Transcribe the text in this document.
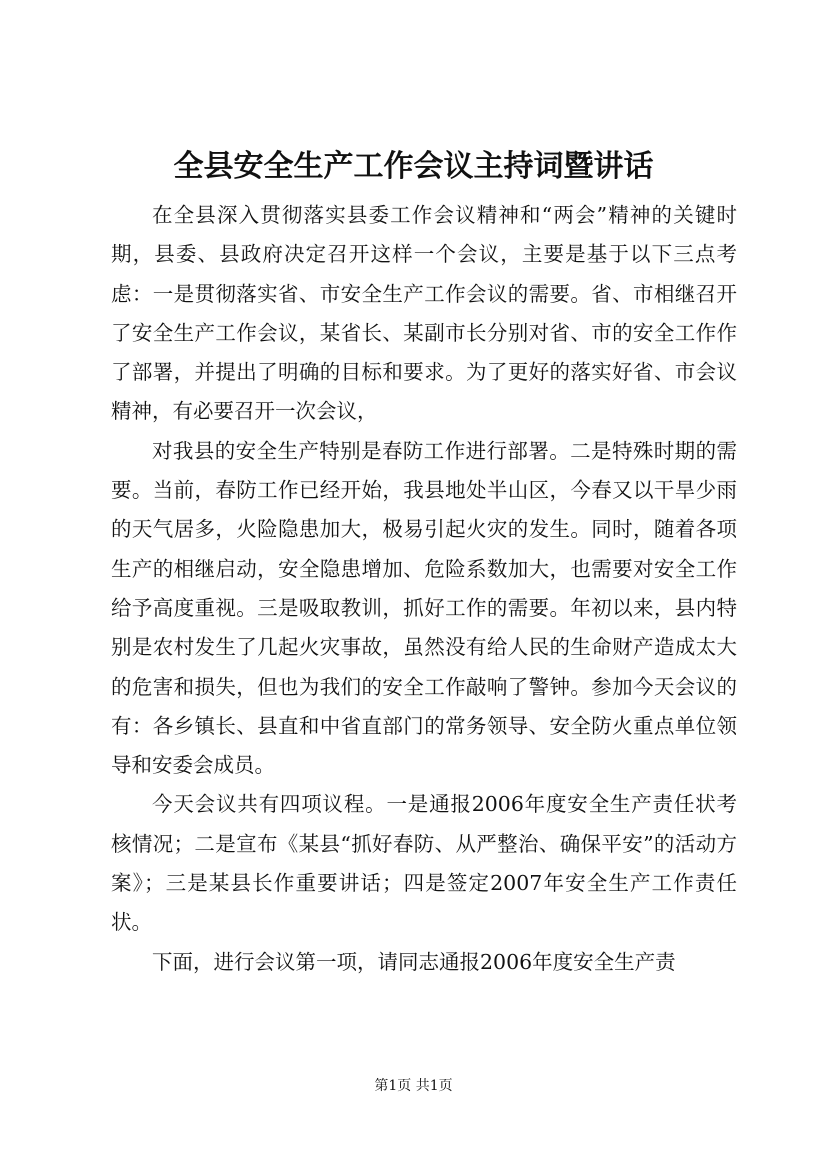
全县安全生产工作会议主持词暨讲话

在全县深入贯彻落实县委工作会议精神和“两会”精神的关键时期，县委、县政府决定召开这样一个会议，主要是基于以下三点考虑：一是贯彻落实省、市安全生产工作会议的需要。省、市相继召开了安全生产工作会议，某省长、某副市长分别对省、市的安全工作作了部署，并提出了明确的目标和要求。为了更好的落实好省、市会议精神，有必要召开一次会议，

对我县的安全生产特别是春防工作进行部署。二是特殊时期的需要。当前，春防工作已经开始，我县地处半山区，今春又以干旱少雨的天气居多，火险隐患加大，极易引起火灾的发生。同时，随着各项生产的相继启动，安全隐患增加、危险系数加大，也需要对安全工作给予高度重视。三是吸取教训，抓好工作的需要。年初以来，县内特别是农村发生了几起火灾事故，虽然没有给人民的生命财产造成太大的危害和损失，但也为我们的安全工作敲响了警钟。参加今天会议的有：各乡镇长、县直和中省直部门的常务领导、安全防火重点单位领导和安委会成员。

今天会议共有四项议程。一是通报2006年度安全生产责任状考核情况；二是宣布《某县“抓好春防、从严整治、确保平安”的活动方案》；三是某县长作重要讲话；四是签定2007年安全生产工作责任状。

下面，进行会议第一项，请同志通报2006年度安全生产责

第1页 共1页
